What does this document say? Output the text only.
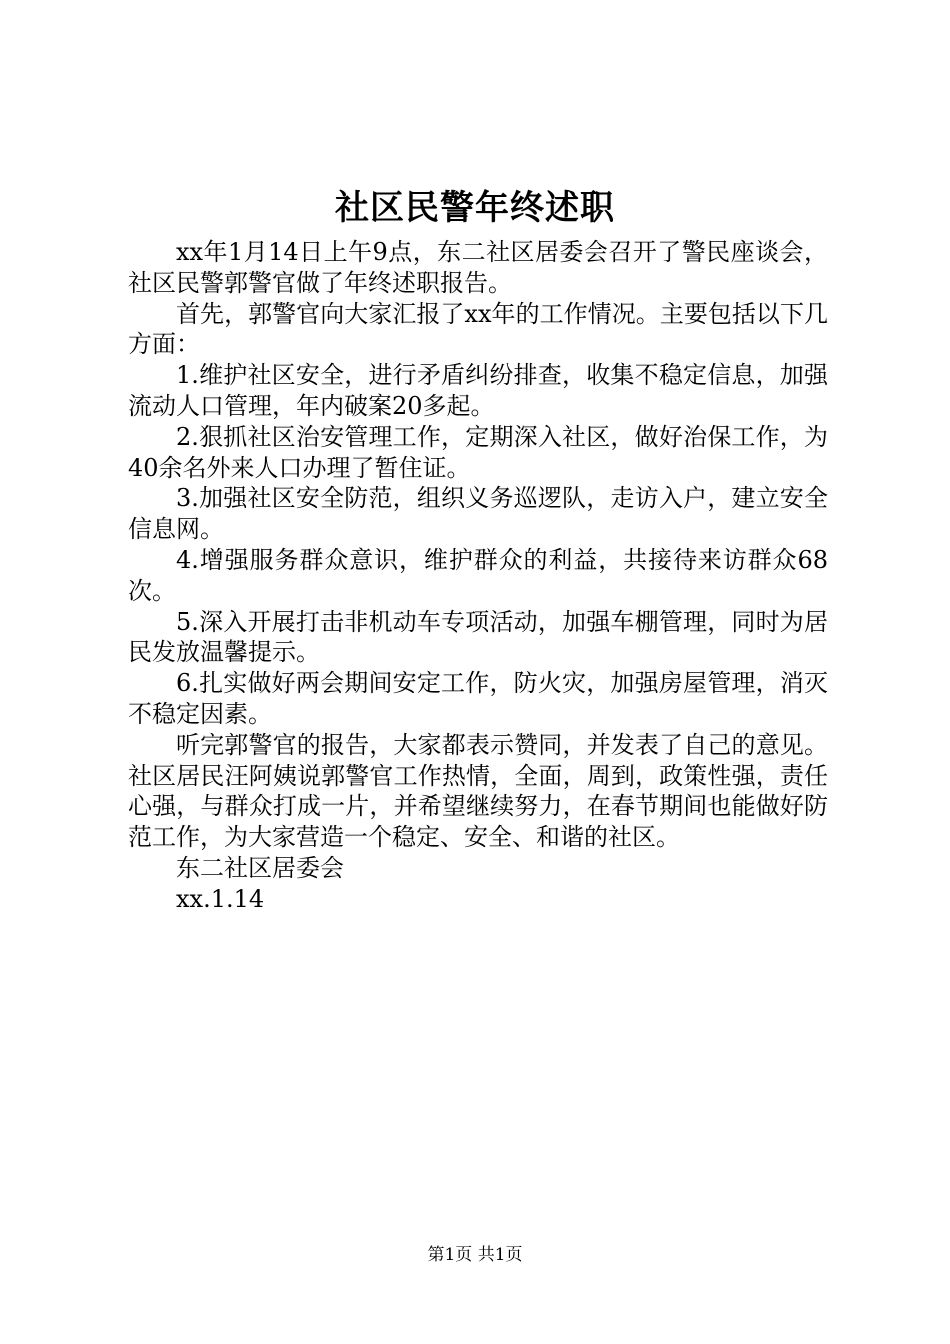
社区民警年终述职

xx年1月14日上午9点，东二社区居委会召开了警民座谈会，社区民警郭警官做了年终述职报告。

首先，郭警官向大家汇报了xx年的工作情况。主要包括以下几方面：

1.维护社区安全，进行矛盾纠纷排查，收集不稳定信息，加强流动人口管理，年内破案20多起。

2.狠抓社区治安管理工作，定期深入社区，做好治保工作，为40余名外来人口办理了暂住证。

3.加强社区安全防范，组织义务巡逻队，走访入户，建立安全信息网。

4.增强服务群众意识，维护群众的利益，共接待来访群众68次。

5.深入开展打击非机动车专项活动，加强车棚管理，同时为居民发放温馨提示。

6.扎实做好两会期间安定工作，防火灾，加强房屋管理，消灭不稳定因素。

听完郭警官的报告，大家都表示赞同，并发表了自己的意见。社区居民汪阿姨说郭警官工作热情，全面，周到，政策性强，责任心强，与群众打成一片，并希望继续努力，在春节期间也能做好防范工作，为大家营造一个稳定、安全、和谐的社区。

东二社区居委会

xx.1.14

第1页 共1页
